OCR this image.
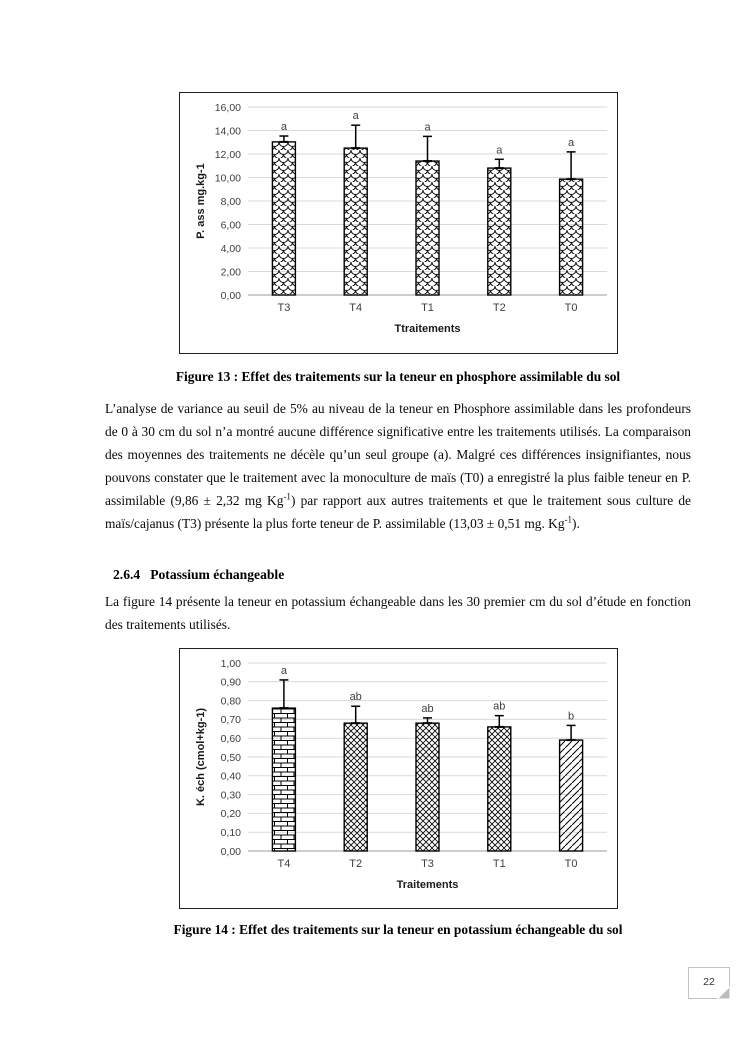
0,00
2,00
4,00
6,00
8,00
10,00
12,00
14,00
16,00
a
T3
a
T4
a
T1
a
T2
a
T0
Ttraitements
P. ass mg.kg-1
Figure 13 : Effet des traitements sur la teneur en phosphore assimilable du sol

L’analyse de variance au seuil de 5% au niveau de la teneur en Phosphore assimilable dans les profondeurs de 0 à 30 cm du sol n’a montré aucune différence significative entre les traitements utilisés. La comparaison des moyennes des traitements ne décèle qu’un seul groupe (a). Malgré ces différences insignifiantes, nous pouvons constater que le traitement avec la monoculture de maïs (T0) a enregistré la plus faible teneur en P. assimilable (9,86 ± 2,32 mg $Kg^{-1}$) par rapport aux autres traitements et que le traitement sous culture de maïs/cajanus (T3) présente la plus forte teneur de P. assimilable (13,03 ± 0,51 mg. $Kg^{-1}$).

2.6.4 Potassium échangeable

La figure 14 présente la teneur en potassium échangeable dans les 30 premier cm du sol d’étude en fonction des traitements utilisés.

0,00
0,10
0,20
0,30
0,40
0,50
0,60
0,70
0,80
0,90
1,00
a
T4
ab
T2
ab
T3
ab
T1
b
T0
Traitements
K. éch (cmol+kg-1)
Figure 14 : Effet des traitements sur la teneur en potassium échangeable du sol
22
